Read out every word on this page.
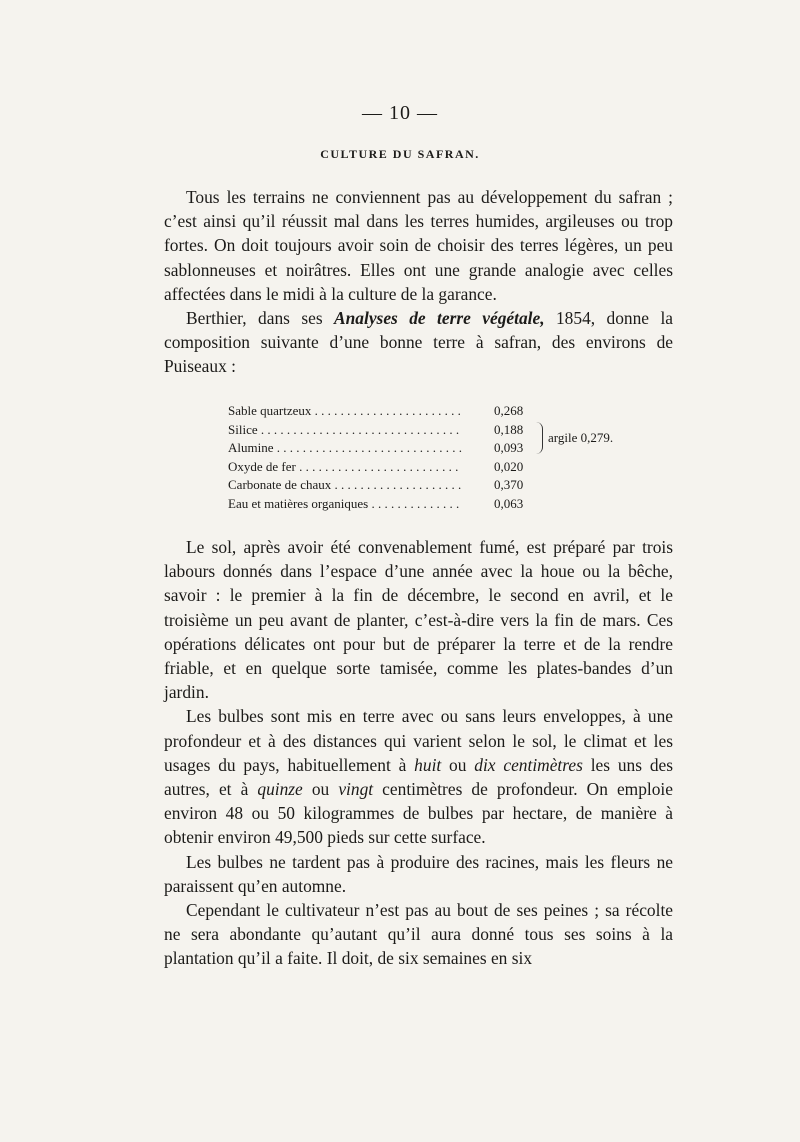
— 10 —
CULTURE DU SAFRAN.

Tous les terrains ne conviennent pas au développement du safran ; c’est ainsi qu’il réussit mal dans les terres humides, argileuses ou trop fortes. On doit toujours avoir soin de choisir des terres légères, un peu sablonneuses et noirâtres. Elles ont une grande analogie avec celles affectées dans le midi à la culture de la garance.

Berthier, dans ses Analyses de terre végétale, 1854, donne la composition suivante d’une bonne terre à safran, des environs de Puiseaux :

Sable quartzeux . . .	0,268
Silice . . .	0,188
Alumine . . .	0,093
Oxyde de fer . . .	0,020
Carbonate de chaux . . .	0,370
Eau et matières organiques . . .	0,063
argile 0,279.

Le sol, après avoir été convenablement fumé, est préparé par trois labours donnés dans l’espace d’une année avec la houe ou la bêche, savoir : le premier à la fin de décembre, le second en avril, et le troisième un peu avant de planter, c’est-à-dire vers la fin de mars. Ces opérations délicates ont pour but de préparer la terre et de la rendre friable, et en quelque sorte tamisée, comme les plates-bandes d’un jardin.

Les bulbes sont mis en terre avec ou sans leurs enveloppes, à une profondeur et à des distances qui varient selon le sol, le climat et les usages du pays, habituellement à huit ou dix centimètres les uns des autres, et à quinze ou vingt centimètres de profondeur. On emploie environ 48 ou 50 kilogrammes de bulbes par hectare, de manière à obtenir environ 49,500 pieds sur cette surface.

Les bulbes ne tardent pas à produire des racines, mais les fleurs ne paraissent qu’en automne.

Cependant le cultivateur n’est pas au bout de ses peines ; sa récolte ne sera abondante qu’autant qu’il aura donné tous ses soins à la plantation qu’il a faite. Il doit, de six semaines en six
